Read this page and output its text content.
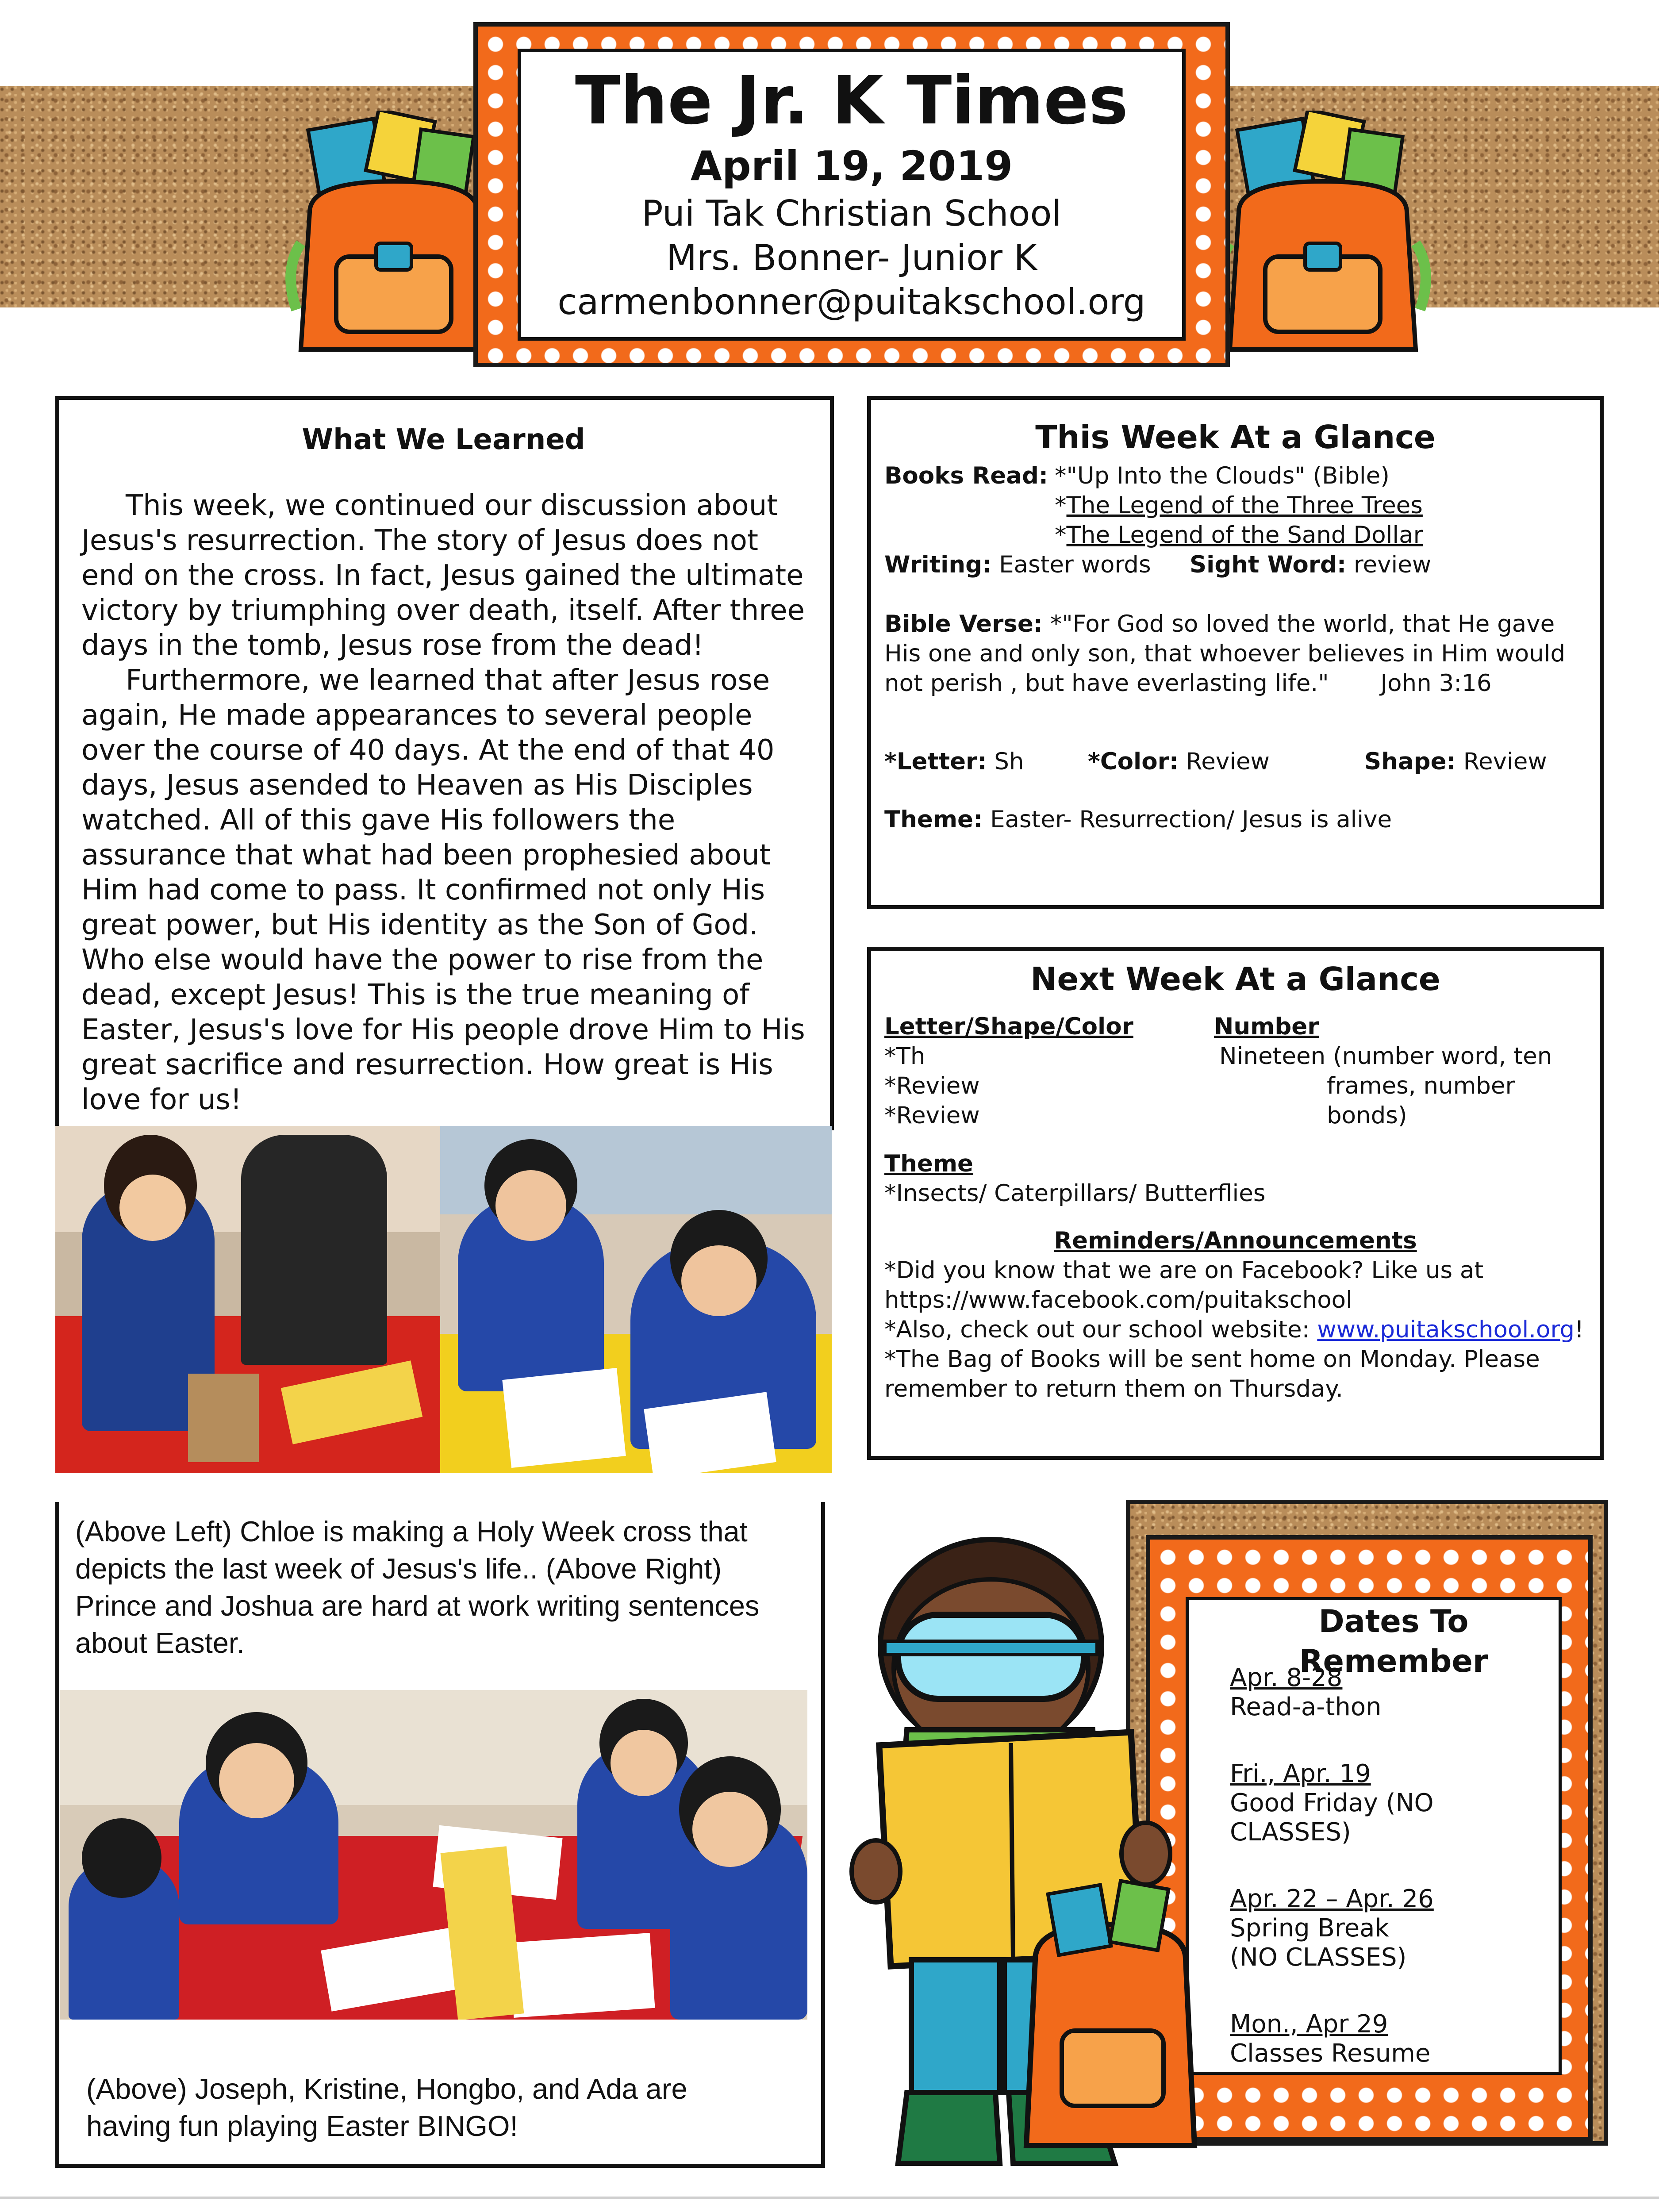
The Jr. K Times
April 19, 2019
Pui Tak Christian School
Mrs. Bonner- Junior K
carmenbonner@puitakschool.org
What We Learned

This week, we continued our discussion about Jesus's resurrection. The story of Jesus does not end on the cross. In fact, Jesus gained the ultimate victory by triumphing over death, itself. After three days in the tomb, Jesus rose from the dead!

Furthermore, we learned that after Jesus rose again, He made appearances to several people over the course of 40 days. At the end of that 40 days, Jesus asended to Heaven as His Disciples watched. All of this gave His followers the assurance that what had been prophesied about Him had come to pass. It confirmed not only His great power, but His identity as the Son of God. Who else would have the power to rise from the dead, except Jesus! This is the true meaning of Easter, Jesus's love for His people drove Him to His great sacrifice and resurrection. How great is His love for us!

This Week At a Glance
Books Read: *"Up Into the Clouds" (Bible)
*The Legend of the Three Trees
*The Legend of the Sand Dollar
Writing: Easter words Sight Word: review
Bible Verse: *"For God so loved the world, that He gave His one and only son, that whoever believes in Him would not perish , but have everlasting life." John 3:16
*Letter: Sh	*Color: Review	Shape: Review
Theme: Easter- Resurrection/ Jesus is alive
Next Week At a Glance
Letter/Shape/Color
*Th
*Review
*Review
Number
Nineteen (number word, ten
frames, number bonds)
Theme
*Insects/ Caterpillars/ Butterflies
Reminders/Announcements
*Did you know that we are on Facebook? Like us at https://www.facebook.com/puitakschool
*Also, check out our school website: www.puitakschool.org!
*The Bag of Books will be sent home on Monday. Please remember to return them on Thursday.
(Above Left) Chloe is making a Holy Week cross that depicts the last week of Jesus's life.. (Above Right) Prince and Joshua are hard at work writing sentences about Easter.
(Above) Joseph, Kristine, Hongbo, and Ada are having fun playing Easter BINGO!
Dates To Remember
Apr. 8-28
Read-a-thon
Fri., Apr. 19
Good Friday (NO CLASSES)
Apr. 22 – Apr. 26
Spring Break (NO CLASSES)
Mon., Apr 29
Classes Resume
